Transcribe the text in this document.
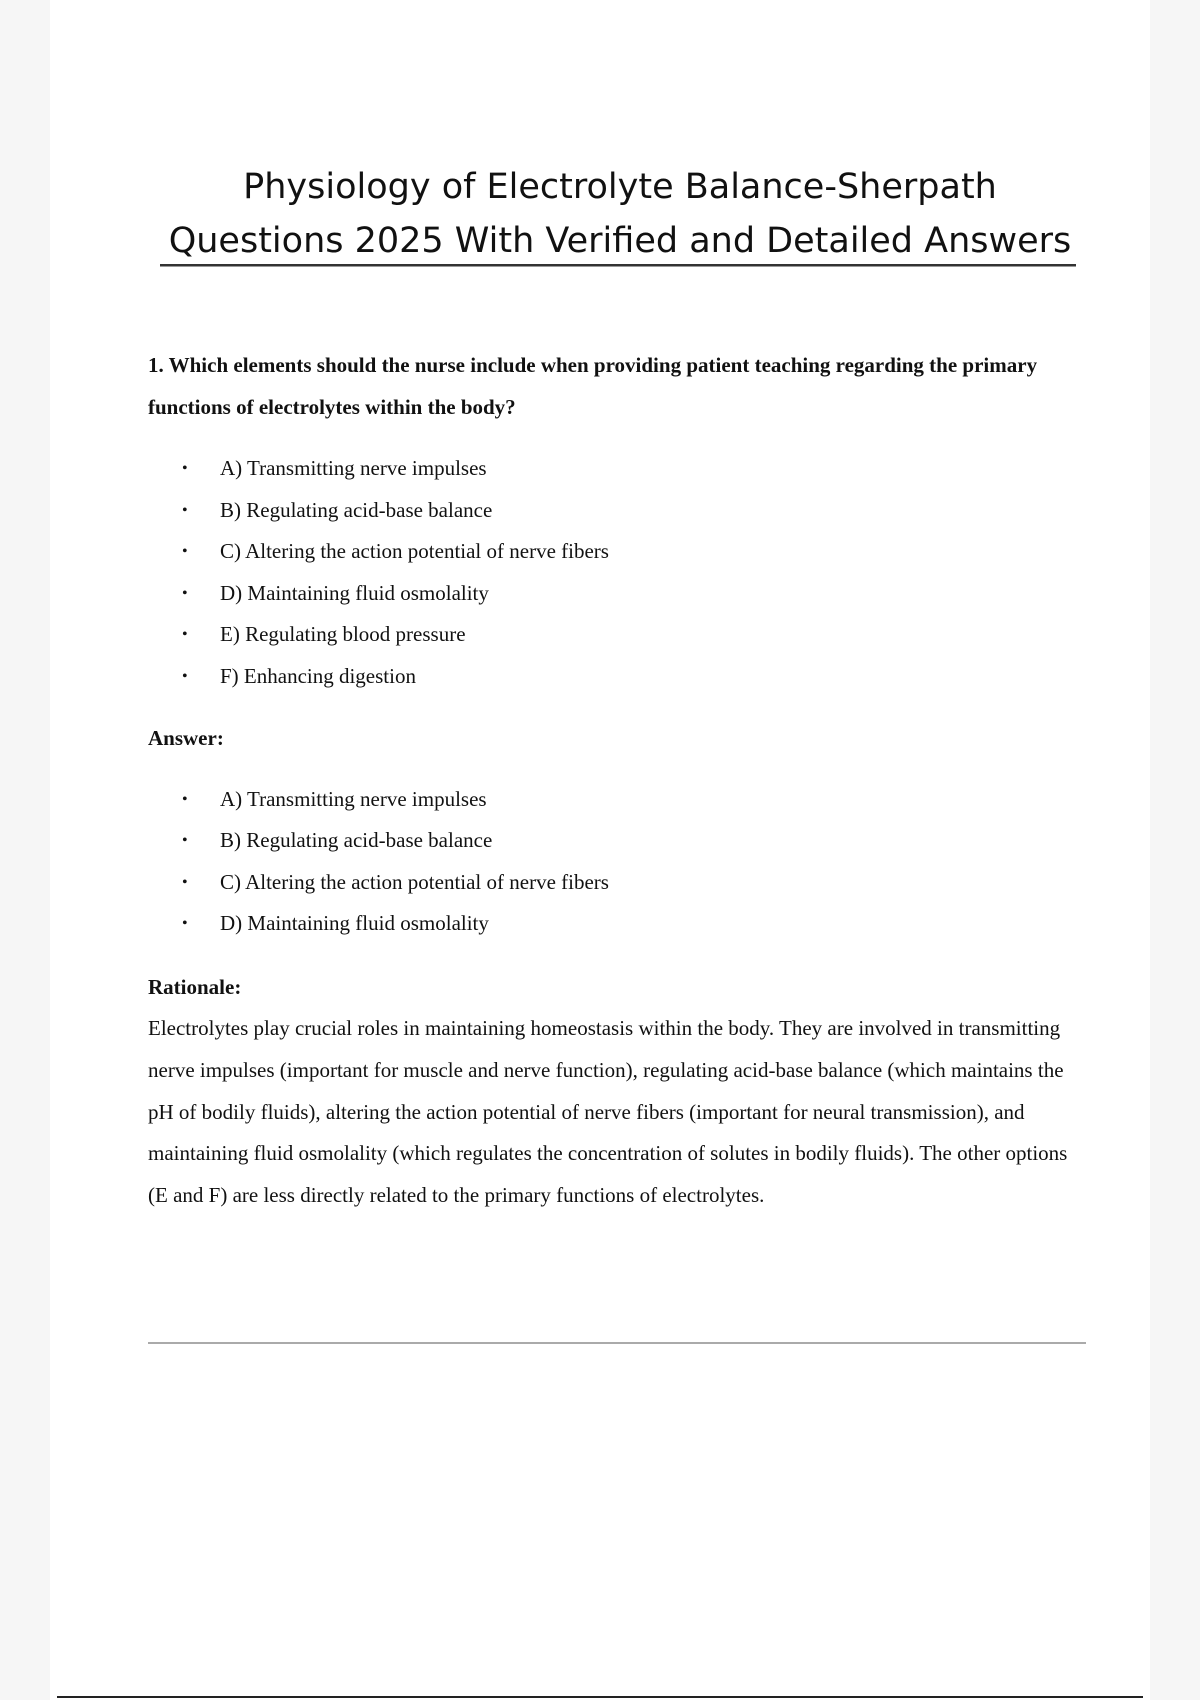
Physiology of Electrolyte Balance-Sherpath Questions 2025 With Verified and Detailed Answers

1. Which elements should the nurse include when providing patient teaching regarding the primary functions of electrolytes within the body?

• A) Transmitting nerve impulses
• B) Regulating acid-base balance
• C) Altering the action potential of nerve fibers
• D) Maintaining fluid osmolality
• E) Regulating blood pressure
• F) Enhancing digestion

Answer:

• A) Transmitting nerve impulses
• B) Regulating acid-base balance
• C) Altering the action potential of nerve fibers
• D) Maintaining fluid osmolality

Rationale:

Electrolytes play crucial roles in maintaining homeostasis within the body. They are involved in transmitting nerve impulses (important for muscle and nerve function), regulating acid-base balance (which maintains the pH of bodily fluids), altering the action potential of nerve fibers (important for neural transmission), and maintaining fluid osmolality (which regulates the concentration of solutes in bodily fluids). The other options (E and F) are less directly related to the primary functions of electrolytes.
